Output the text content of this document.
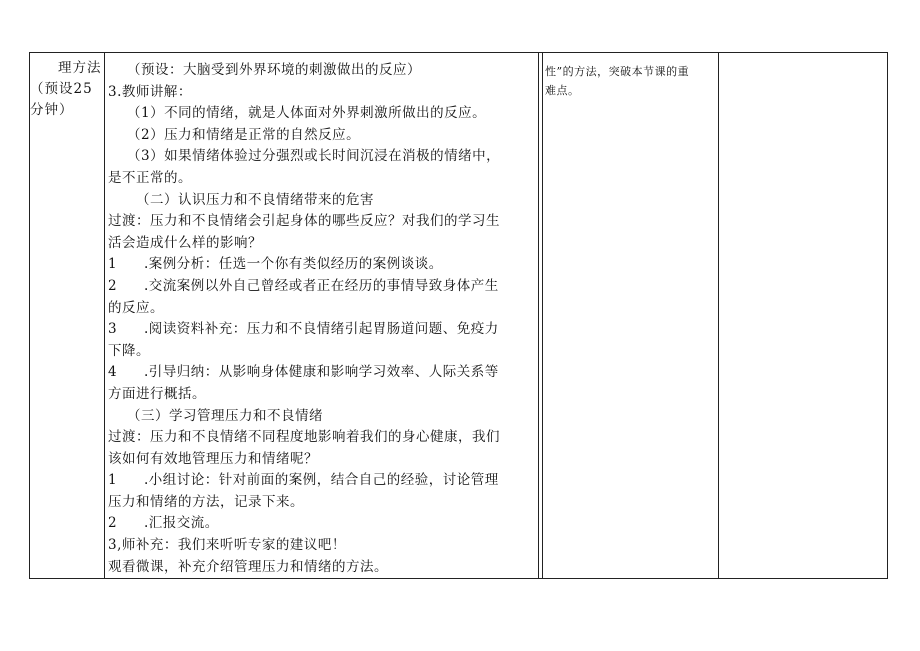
理方法
（预设25
分钟）
（预设：大脑受到外界环境的刺激做出的反应）
3.教师讲解：
（1）不同的情绪，就是人体面对外界刺激所做出的反应。
（2）压力和情绪是正常的自然反应。
（3）如果情绪体验过分强烈或长时间沉浸在消极的情绪中，
是不正常的。
（二）认识压力和不良情绪带来的危害
过渡：压力和不良情绪会引起身体的哪些反应？对我们的学习生
活会造成什么样的影响？
1 .案例分析：任选一个你有类似经历的案例谈谈。
2 .交流案例以外自己曾经或者正在经历的事情导致身体产生
的反应。
3 .阅读资料补充：压力和不良情绪引起胃肠道问题、免疫力
下降。
4 .引导归纳：从影响身体健康和影响学习效率、人际关系等
方面进行概括。
（三）学习管理压力和不良情绪
过渡：压力和不良情绪不同程度地影响着我们的身心健康，我们
该如何有效地管理压力和情绪呢？
1 .小组讨论：针对前面的案例，结合自己的经验，讨论管理
压力和情绪的方法，记录下来。
2 .汇报交流。
3,师补充：我们来听听专家的建议吧！
观看微课，补充介绍管理压力和情绪的方法。
性”的方法，突破本节课的重
难点。
